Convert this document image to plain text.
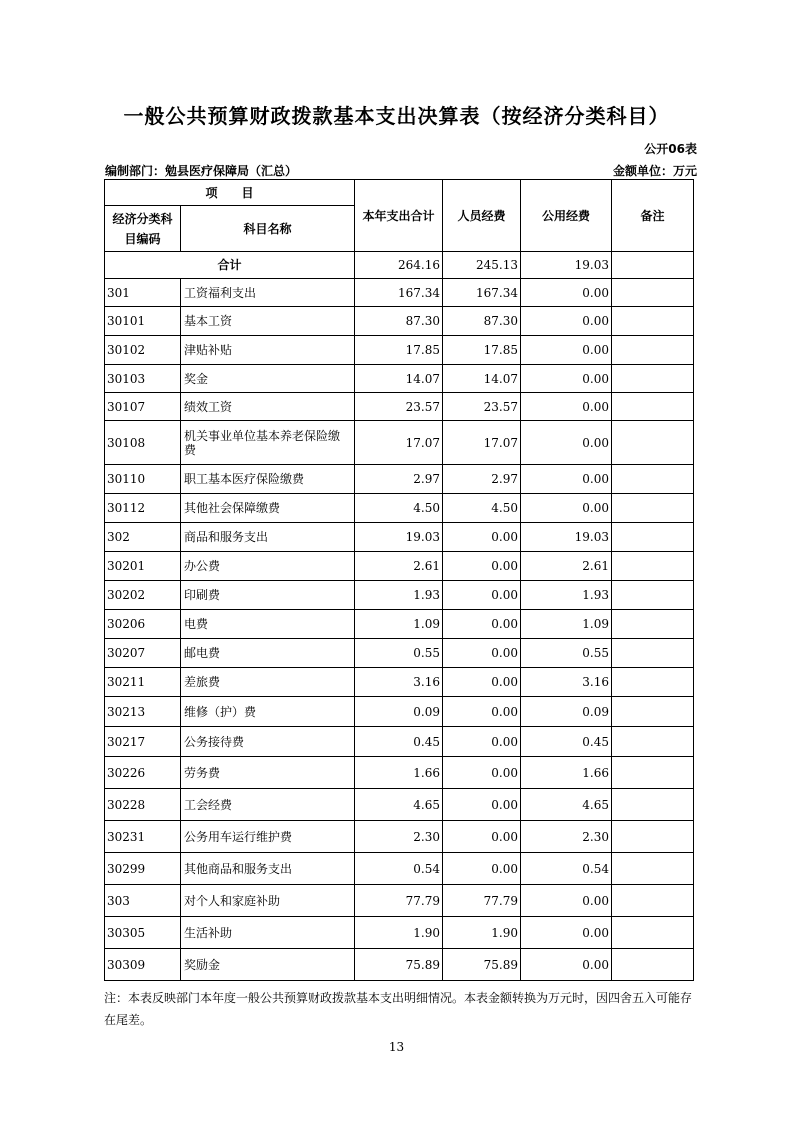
一般公共预算财政拨款基本支出决算表（按经济分类科目）
公开06表
编制部门：勉县医疗保障局（汇总）	金额单位：万元
项　　目		本年支出合计	人员经费	公用经费	备注
经济分类科目编码	科目名称				
合计		264.16	245.13	19.03	
301	工资福利支出	167.34	167.34	0.00	
30101	基本工资	87.30	87.30	0.00	
30102	津贴补贴	17.85	17.85	0.00	
30103	奖金	14.07	14.07	0.00	
30107	绩效工资	23.57	23.57	0.00	
30108	机关事业单位基本养老保险缴费	17.07	17.07	0.00	
30110	职工基本医疗保险缴费	2.97	2.97	0.00	
30112	其他社会保障缴费	4.50	4.50	0.00	
302	商品和服务支出	19.03	0.00	19.03	
30201	办公费	2.61	0.00	2.61	
30202	印刷费	1.93	0.00	1.93	
30206	电费	1.09	0.00	1.09	
30207	邮电费	0.55	0.00	0.55	
30211	差旅费	3.16	0.00	3.16	
30213	维修（护）费	0.09	0.00	0.09	
30217	公务接待费	0.45	0.00	0.45	
30226	劳务费	1.66	0.00	1.66	
30228	工会经费	4.65	0.00	4.65	
30231	公务用车运行维护费	2.30	0.00	2.30	
30299	其他商品和服务支出	0.54	0.00	0.54	
303	对个人和家庭补助	77.79	77.79	0.00	
30305	生活补助	1.90	1.90	0.00	
30309	奖励金	75.89	75.89	0.00	
注：本表反映部门本年度一般公共预算财政拨款基本支出明细情况。本表金额转换为万元时，因四舍五入可能存在尾差。
13
